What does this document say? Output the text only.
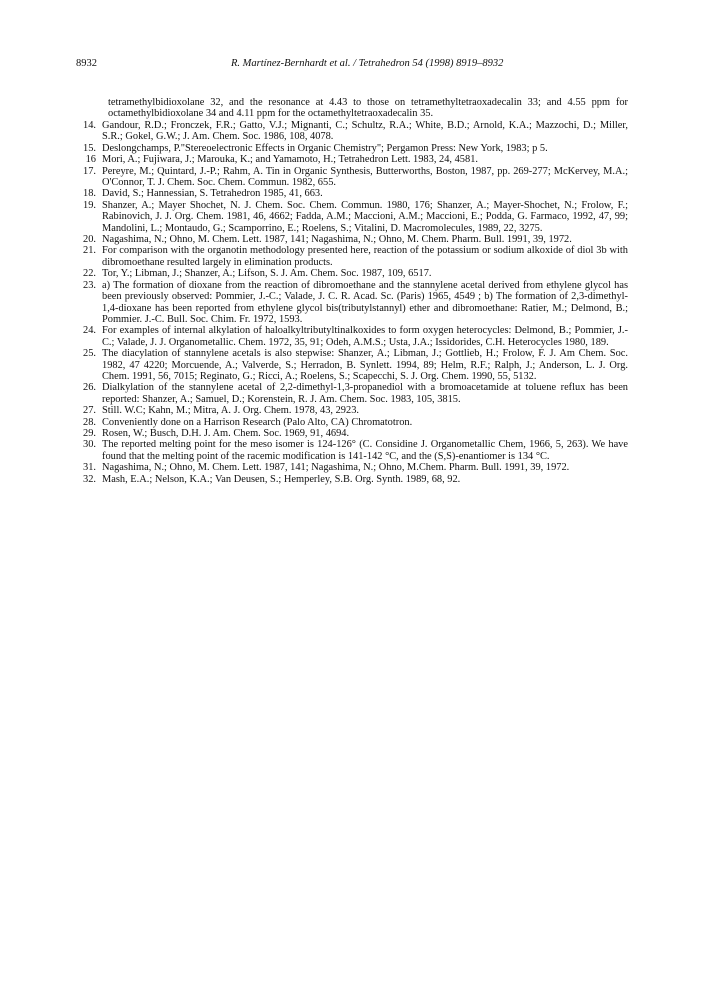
8932	R. Martínez-Bernhardt et al. / Tetrahedron 54 (1998) 8919–8932
tetramethylbidioxolane 32, and the resonance at 4.43 to those on tetramethyltetraoxadecalin 33; and 4.55 ppm for octamethylbidioxolane 34 and 4.11 ppm for the octamethyltetraoxadecalin 35.
14. Gandour, R.D.; Fronczek, F.R.; Gatto, V.J.; Mignanti, C.; Schultz, R.A.; White, B.D.; Arnold, K.A.; Mazzochi, D.; Miller, S.R.; Gokel, G.W.; J. Am. Chem. Soc. 1986, 108, 4078.
15. Deslongchamps, P."Stereoelectronic Effects in Organic Chemistry"; Pergamon Press: New York, 1983; p 5.
16 Mori, A.; Fujiwara, J.; Marouka, K.; and Yamamoto, H.; Tetrahedron Lett. 1983, 24, 4581.
17. Pereyre, M.; Quintard, J.-P.; Rahm, A. Tin in Organic Synthesis, Butterworths, Boston, 1987, pp. 269-277; McKervey, M.A.; O'Connor, T. J. Chem. Soc. Chem. Commun. 1982, 655.
18. David, S.; Hannessian, S. Tetrahedron 1985, 41, 663.
19. Shanzer, A.; Mayer Shochet, N. J. Chem. Soc. Chem. Commun. 1980, 176; Shanzer, A.; Mayer-Shochet, N.; Frolow, F.; Rabinovich, J. J. Org. Chem. 1981, 46, 4662; Fadda, A.M.; Maccioni, A.M.; Maccioni, E.; Podda, G. Farmaco, 1992, 47, 99; Mandolini, L.; Montaudo, G.; Scamporrino, E.; Roelens, S.; Vitalini, D. Macromolecules, 1989, 22, 3275.
20. Nagashima, N.; Ohno, M. Chem. Lett. 1987, 141; Nagashima, N.; Ohno, M. Chem. Pharm. Bull. 1991, 39, 1972.
21. For comparison with the organotin methodology presented here, reaction of the potassium or sodium alkoxide of diol 3b with dibromoethane resulted largely in elimination products.
22. Tor, Y.; Libman, J.; Shanzer, A.; Lifson, S. J. Am. Chem. Soc. 1987, 109, 6517.
23. a) The formation of dioxane from the reaction of dibromoethane and the stannylene acetal derived from ethylene glycol has been previously observed: Pommier, J.-C.; Valade, J. C. R. Acad. Sc. (Paris) 1965, 4549 ; b) The formation of 2,3-dimethyl-1,4-dioxane has been reported from ethylene glycol bis(tributylstannyl) ether and dibromoethane: Ratier, M.; Delmond, B.; Pommier. J.-C. Bull. Soc. Chim. Fr. 1972, 1593.
24. For examples of internal alkylation of haloalkyltributyltinalkoxides to form oxygen heterocycles: Delmond, B.; Pommier, J.-C.; Valade, J. J. Organometallic. Chem. 1972, 35, 91; Odeh, A.M.S.; Usta, J.A.; Issidorides, C.H. Heterocycles 1980, 189.
25. The diacylation of stannylene acetals is also stepwise: Shanzer, A.; Libman, J.; Gottlieb, H.; Frolow, F. J. Am Chem. Soc. 1982, 47 4220; Morcuende, A.; Valverde, S.; Herradon, B. Synlett. 1994, 89; Helm, R.F.; Ralph, J.; Anderson, L. J. Org. Chem. 1991, 56, 7015; Reginato, G.; Ricci, A.; Roelens, S.; Scapecchi, S. J. Org. Chem. 1990, 55, 5132.
26. Dialkylation of the stannylene acetal of 2,2-dimethyl-1,3-propanediol with a bromoacetamide at toluene reflux has been reported: Shanzer, A.; Samuel, D.; Korenstein, R. J. Am. Chem. Soc. 1983, 105, 3815.
27. Still. W.C; Kahn, M.; Mitra, A. J. Org. Chem. 1978, 43, 2923.
28. Conveniently done on a Harrison Research (Palo Alto, CA) Chromatotron.
29. Rosen, W.; Busch, D.H. J. Am. Chem. Soc. 1969, 91, 4694.
30. The reported melting point for the meso isomer is 124-126° (C. Considine J. Organometallic Chem, 1966, 5, 263). We have found that the melting point of the racemic modification is 141-142 °C, and the (S,S)-enantiomer is 134 °C.
31. Nagashima, N.; Ohno, M. Chem. Lett. 1987, 141; Nagashima, N.; Ohno, M.Chem. Pharm. Bull. 1991, 39, 1972.
32. Mash, E.A.; Nelson, K.A.; Van Deusen, S.; Hemperley, S.B. Org. Synth. 1989, 68, 92.
